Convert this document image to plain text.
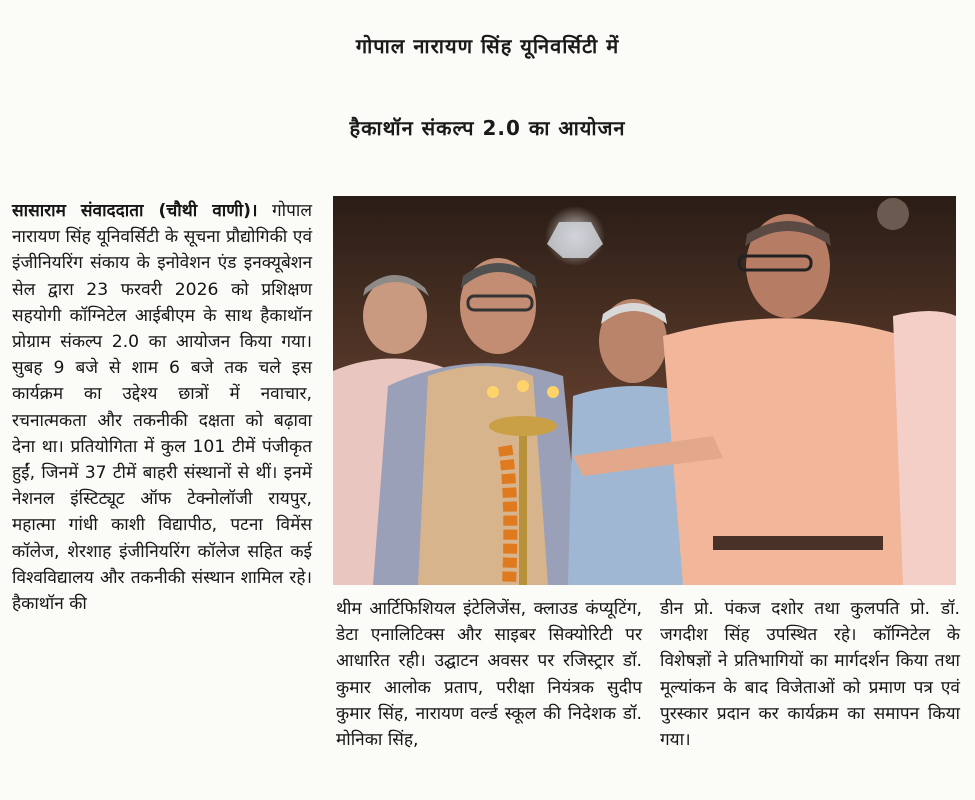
गोपाल नारायण सिंह यूनिवर्सिटी में
हैकाथॉन संकल्प 2.0 का आयोजन

सासाराम संवाददाता (चौथी वाणी)। गोपाल नारायण सिंह यूनिवर्सिटी के सूचना प्रौद्योगिकी एवं इंजीनियरिंग संकाय के इनोवेशन एंड इनक्यूबेशन सेल द्वारा 23 फरवरी 2026 को प्रशिक्षण सहयोगी कॉग्निटेल आईबीएम के साथ हैकाथॉन प्रोग्राम संकल्प 2.0 का आयोजन किया गया। सुबह 9 बजे से शाम 6 बजे तक चले इस कार्यक्रम का उद्देश्य छात्रों में नवाचार, रचनात्मकता और तकनीकी दक्षता को बढ़ावा देना था। प्रतियोगिता में कुल 101 टीमें पंजीकृत हुईं, जिनमें 37 टीमें बाहरी संस्थानों से थीं। इनमें नेशनल इंस्टिट्यूट ऑफ टेक्नोलॉजी रायपुर, महात्मा गांधी काशी विद्यापीठ, पटना विमेंस कॉलेज, शेरशाह इंजीनियरिंग कॉलेज सहित कई विश्वविद्यालय और तकनीकी संस्थान शामिल रहे। हैकाथॉन की	थीम आर्टिफिशियल इंटेलिजेंस, क्लाउड कंप्यूटिंग, डेटा एनालिटिक्स और साइबर सिक्योरिटी पर आधारित रही। उद्घाटन अवसर पर रजिस्ट्रार डॉ. कुमार आलोक प्रताप, परीक्षा नियंत्रक सुदीप कुमार सिंह, नारायण वर्ल्ड स्कूल की निदेशक डॉ. मोनिका सिंह,

डीन प्रो. पंकज दशोर तथा कुलपति प्रो. डॉ. जगदीश सिंह उपस्थित रहे। कॉग्निटेल के विशेषज्ञों ने प्रतिभागियों का मार्गदर्शन किया तथा मूल्यांकन के बाद विजेताओं को प्रमाण पत्र एवं पुरस्कार प्रदान कर कार्यक्रम का समापन किया गया।
